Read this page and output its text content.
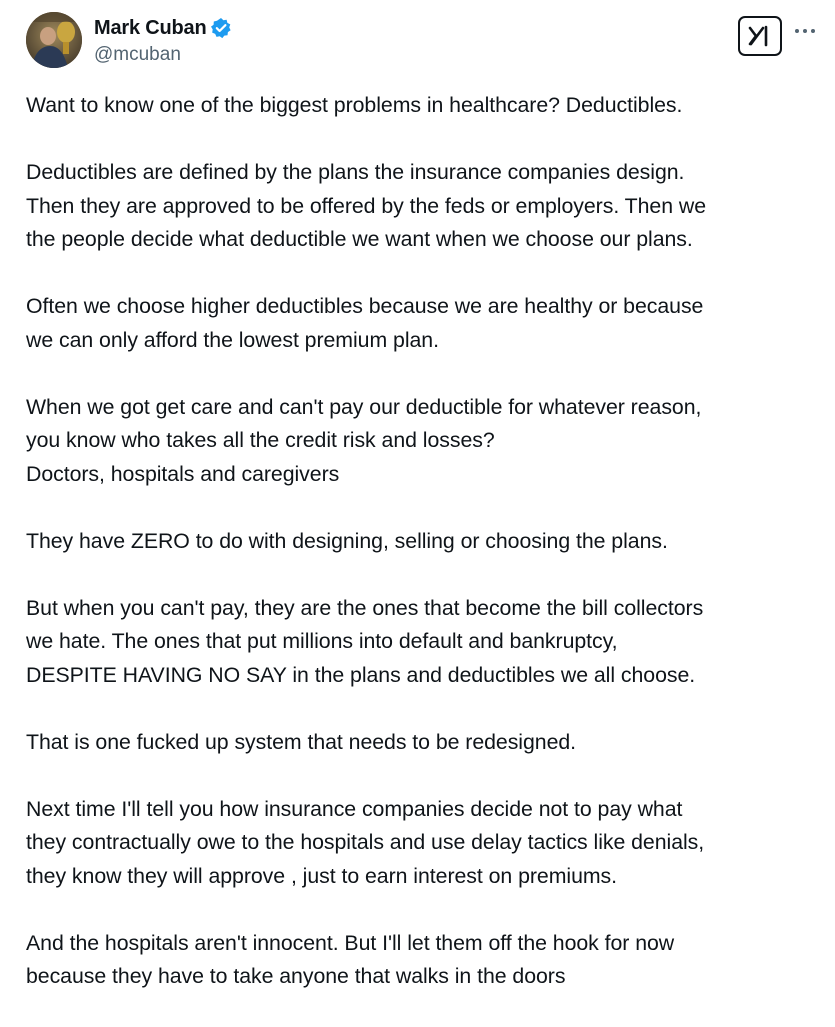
Mark Cuban
@mcuban

Want to know one of the biggest problems in healthcare? Deductibles.

Deductibles are defined by the plans the insurance companies design.
Then they are approved to be offered by the feds or employers. Then we
the people decide what deductible we want when we choose our plans.

Often we choose higher deductibles because we are healthy or because
we can only afford the lowest premium plan.

When we got get care and can't pay our deductible for whatever reason,
you know who takes all the credit risk and losses?
Doctors, hospitals and caregivers

They have ZERO to do with designing, selling or choosing the plans.

But when you can't pay, they are the ones that become the bill collectors
we hate. The ones that put millions into default and bankruptcy,
DESPITE HAVING NO SAY in the plans and deductibles we all choose.

That is one fucked up system that needs to be redesigned.

Next time I'll tell you how insurance companies decide not to pay what
they contractually owe to the hospitals and use delay tactics like denials,
they know they will approve , just to earn interest on premiums.

And the hospitals aren't innocent. But I'll let them off the hook for now
because they have to take anyone that walks in the doors
